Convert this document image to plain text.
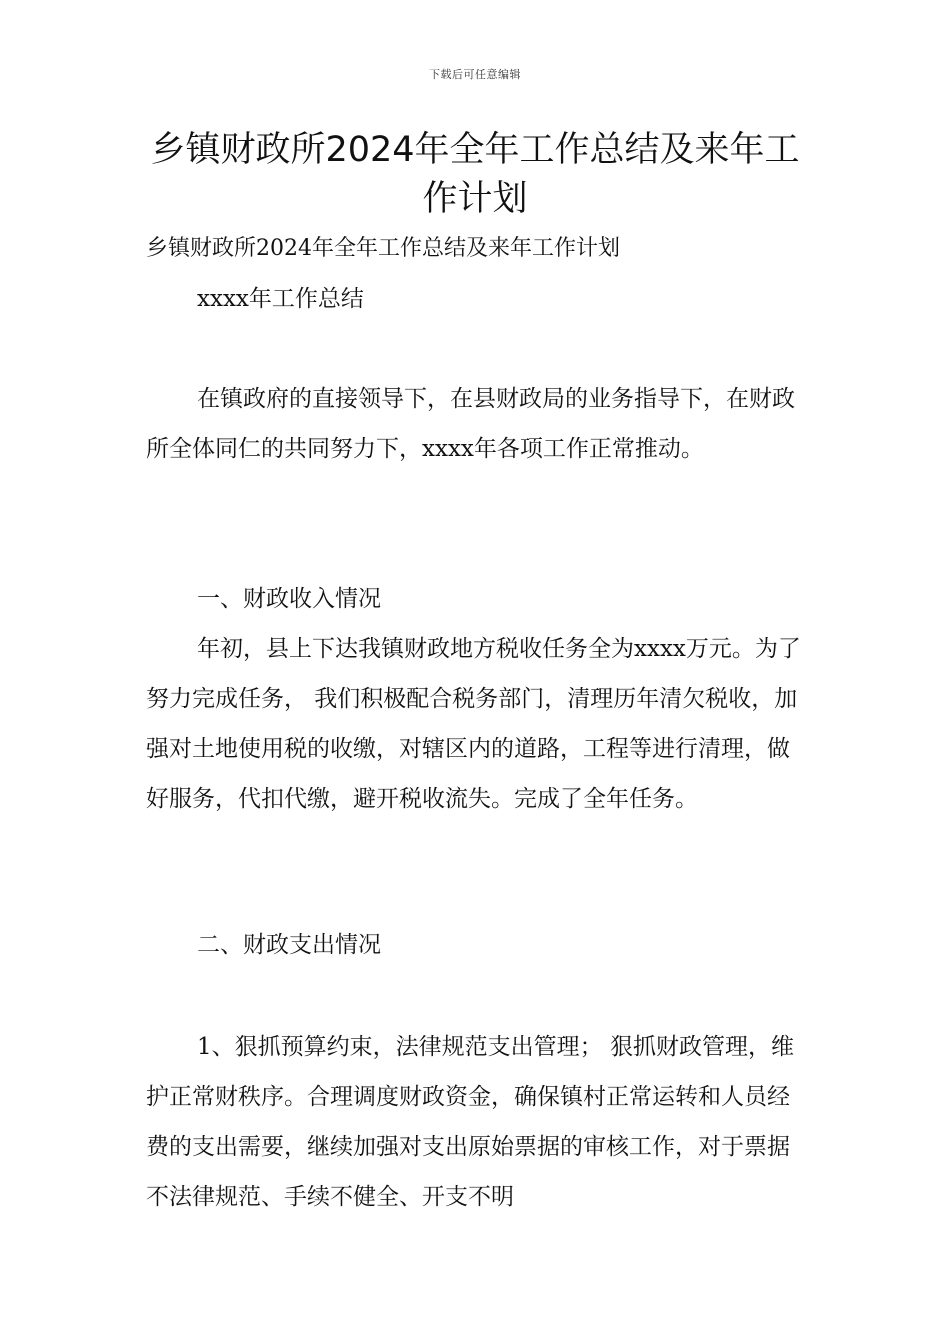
下载后可任意编辑
乡镇财政所2024年全年工作总结及来年工
作计划
乡镇财政所2024年全年工作总结及来年工作计划
xxxx年工作总结
在镇政府的直接领导下，在县财政局的业务指导下，在财政所全体同仁的共同努力下，xxxx年各项工作正常推动。
一、财政收入情况
年初，县上下达我镇财政地方税收任务全为xxxx万元。为了努力完成任务， 我们积极配合税务部门，清理历年清欠税收，加强对土地使用税的收缴，对辖区内的道路，工程等进行清理，做好服务，代扣代缴，避开税收流失。完成了全年任务。
二、财政支出情况
1、狠抓预算约束，法律规范支出管理； 狠抓财政管理，维护正常财秩序。合理调度财政资金，确保镇村正常运转和人员经费的支出需要，继续加强对支出原始票据的审核工作，对于票据不法律规范、手续不健全、开支不明
